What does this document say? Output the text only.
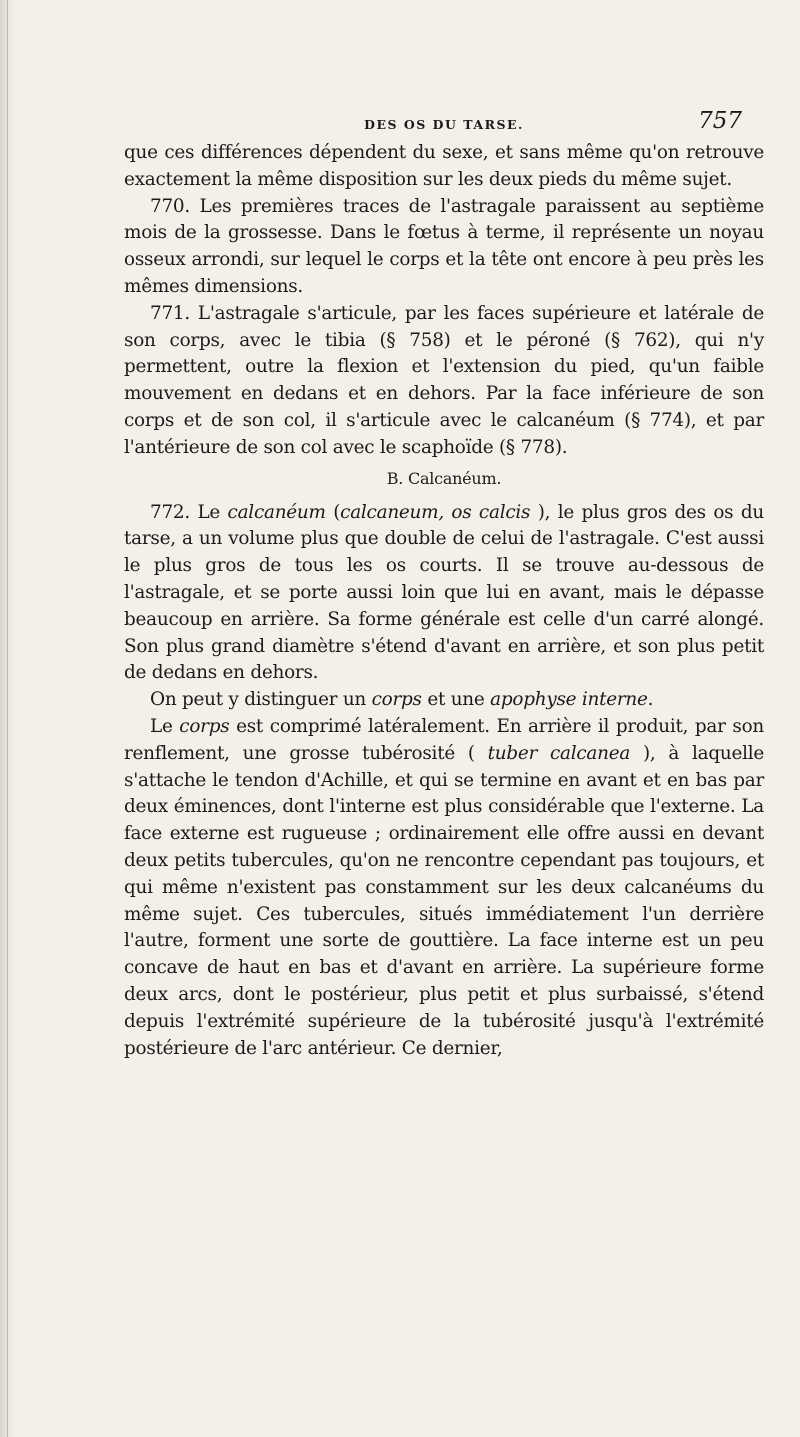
DES OS DU TARSE.	757

que ces différences dépendent du sexe, et sans même qu'on retrouve exactement la même disposition sur les deux pieds du même sujet.

770. Les premières traces de l'astragale paraissent au septième mois de la grossesse. Dans le fœtus à terme, il représente un noyau osseux arrondi, sur lequel le corps et la tête ont encore à peu près les mêmes dimensions.

771. L'astragale s'articule, par les faces supérieure et latérale de son corps, avec le tibia (§ 758) et le péroné (§ 762), qui n'y permettent, outre la flexion et l'extension du pied, qu'un faible mouvement en dedans et en dehors. Par la face inférieure de son corps et de son col, il s'articule avec le calcanéum (§ 774), et par l'antérieure de son col avec le scaphoïde (§ 778).

B. Calcanéum.

772. Le calcanéum (calcaneum, os calcis ), le plus gros des os du tarse, a un volume plus que double de celui de l'astragale. C'est aussi le plus gros de tous les os courts. Il se trouve au-dessous de l'astragale, et se porte aussi loin que lui en avant, mais le dépasse beaucoup en arrière. Sa forme générale est celle d'un carré alongé. Son plus grand diamètre s'étend d'avant en arrière, et son plus petit de dedans en dehors.

On peut y distinguer un corps et une apophyse interne.

Le corps est comprimé latéralement. En arrière il produit, par son renflement, une grosse tubérosité ( tuber calcanea ), à laquelle s'attache le tendon d'Achille, et qui se termine en avant et en bas par deux éminences, dont l'interne est plus considérable que l'externe. La face externe est rugueuse ; ordinairement elle offre aussi en devant deux petits tubercules, qu'on ne rencontre cependant pas toujours, et qui même n'existent pas constamment sur les deux calcanéums du même sujet. Ces tubercules, situés immédiatement l'un derrière l'autre, forment une sorte de gouttière. La face interne est un peu concave de haut en bas et d'avant en arrière. La supérieure forme deux arcs, dont le postérieur, plus petit et plus surbaissé, s'étend depuis l'extrémité supérieure de la tubérosité jusqu'à l'extrémité postérieure de l'arc antérieur. Ce dernier,
